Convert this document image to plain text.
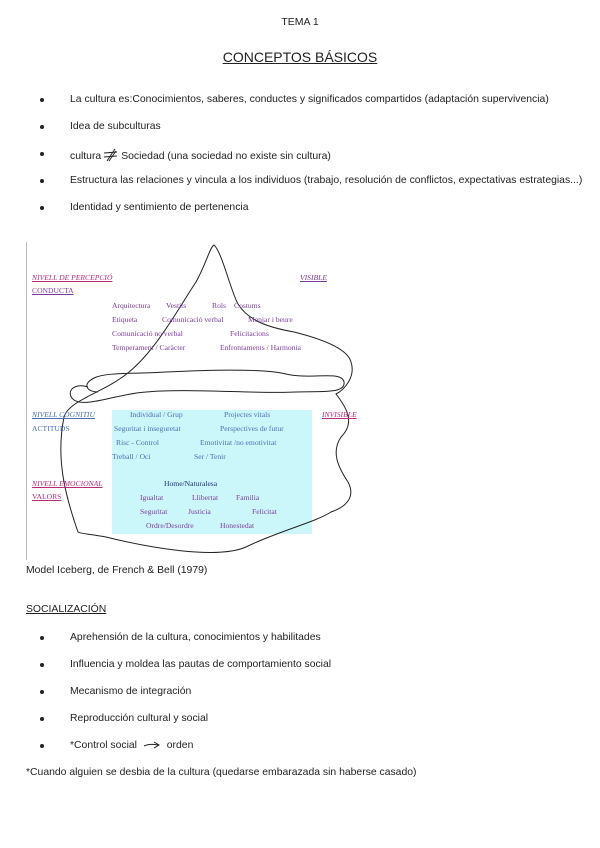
TEMA 1
CONCEPTOS BÁSICOS
La cultura es:Conocimientos, saberes, conductes y significados compartidos (adaptación supervivencia)
Idea de subculturas
cultura Sociedad (una sociedad no existe sin cultura)
Estructura las relaciones y vincula a los individuos (trabajo, resolución de conflictos, expectativas estrategias...)
Identidad y sentimiento de pertenencia
NIVELL DE PERCEPCIÓ	VISIBLE
CONDUCTA
Arquitectura Vestits	Rols Costums
Etiqueta	Comunicació verbal	Menjar i beure
Comunicació no verbal	Felicitacions
Temperament / Caràcter	Enfrontaments / Harmonia
NIVELL COGNITIU	INVISIBLE
ACTITUDS
Individual / Grup	Projectes vitals
Seguritat i inseguretat	Perspectives de futur
Risc - Control	Emotivitat /no emotivitat
Treball / Oci	Ser / Tenir
NIVELL EMOCIONAL
VALORS
Home/Naturalesa
Igualtat	Llibertat Familia
Seguritat	Justicia	Felicitat
Ordre/Desordre	Honestedat
Model Iceberg, de French & Bell (1979)
SOCIALIZACIÓN
Aprehensión de la cultura, conocimientos y habilitades
Influencia y moldea las pautas de comportamiento social
Mecanismo de integración
Reproducción cultural y social
*Control social	orden
*Cuando alguien se desbia de la cultura (quedarse embarazada sin haberse casado)
